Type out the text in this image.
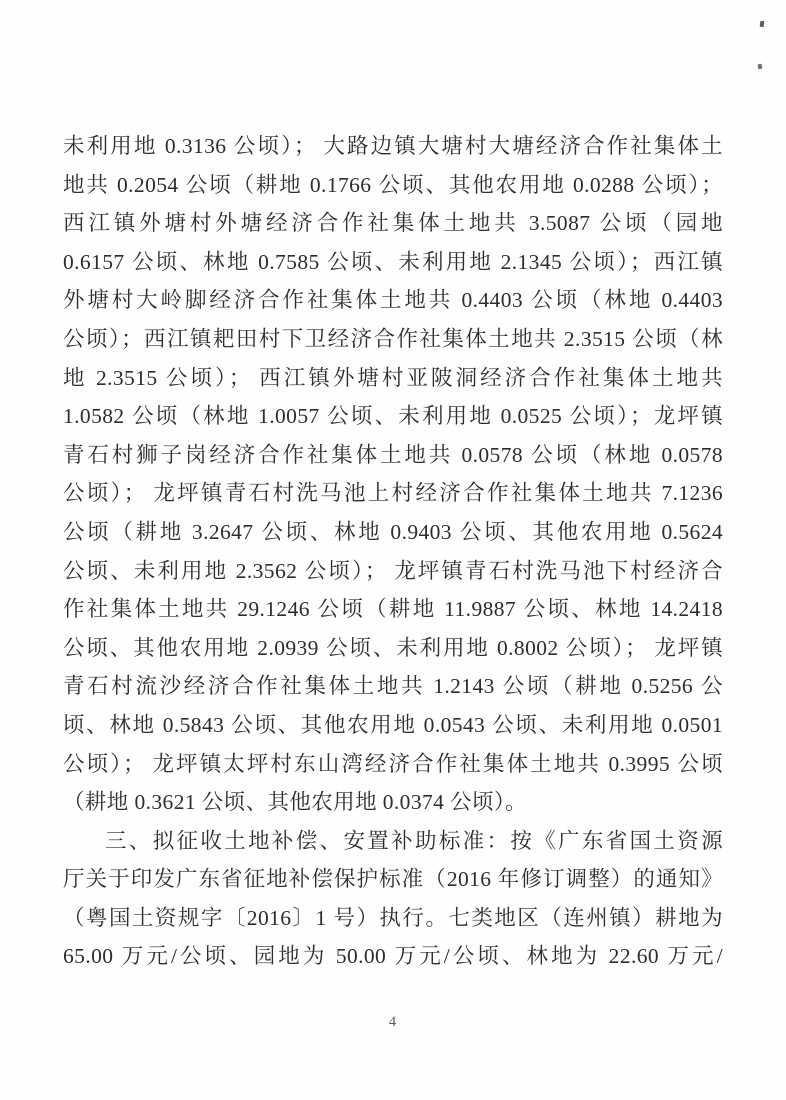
未利用地 0.3136 公顷）； 大路边镇大塘村大塘经济合作社集体土
地共 0.2054 公顷（耕地 0.1766 公顷、其他农用地 0.0288 公顷）；
西江镇外塘村外塘经济合作社集体土地共 3.5087 公顷（园地
0.6157 公顷、林地 0.7585 公顷、未利用地 2.1345 公顷）；西江镇
外塘村大岭脚经济合作社集体土地共 0.4403 公顷（林地 0.4403
公顷）；西江镇耙田村下卫经济合作社集体土地共 2.3515 公顷（林
地 2.3515 公顷）； 西江镇外塘村亚陂洞经济合作社集体土地共
1.0582 公顷（林地 1.0057 公顷、未利用地 0.0525 公顷）；龙坪镇
青石村狮子岗经济合作社集体土地共 0.0578 公顷（林地 0.0578
公顷）； 龙坪镇青石村洗马池上村经济合作社集体土地共 7.1236
公顷（耕地 3.2647 公顷、林地 0.9403 公顷、其他农用地 0.5624
公顷、未利用地 2.3562 公顷）； 龙坪镇青石村洗马池下村经济合
作社集体土地共 29.1246 公顷（耕地 11.9887 公顷、林地 14.2418
公顷、其他农用地 2.0939 公顷、未利用地 0.8002 公顷）； 龙坪镇
青石村流沙经济合作社集体土地共 1.2143 公顷（耕地 0.5256 公
顷、林地 0.5843 公顷、其他农用地 0.0543 公顷、未利用地 0.0501
公顷）； 龙坪镇太坪村东山湾经济合作社集体土地共 0.3995 公顷
（耕地 0.3621 公顷、其他农用地 0.0374 公顷）。
三、拟征收土地补偿、安置补助标准：按《广东省国土资源
厅关于印发广东省征地补偿保护标准（2016 年修订调整）的通知》
（粤国土资规字〔2016〕1 号）执行。七类地区（连州镇）耕地为
65.00 万元/公顷、园地为 50.00 万元/公顷、林地为 22.60 万元/
4
